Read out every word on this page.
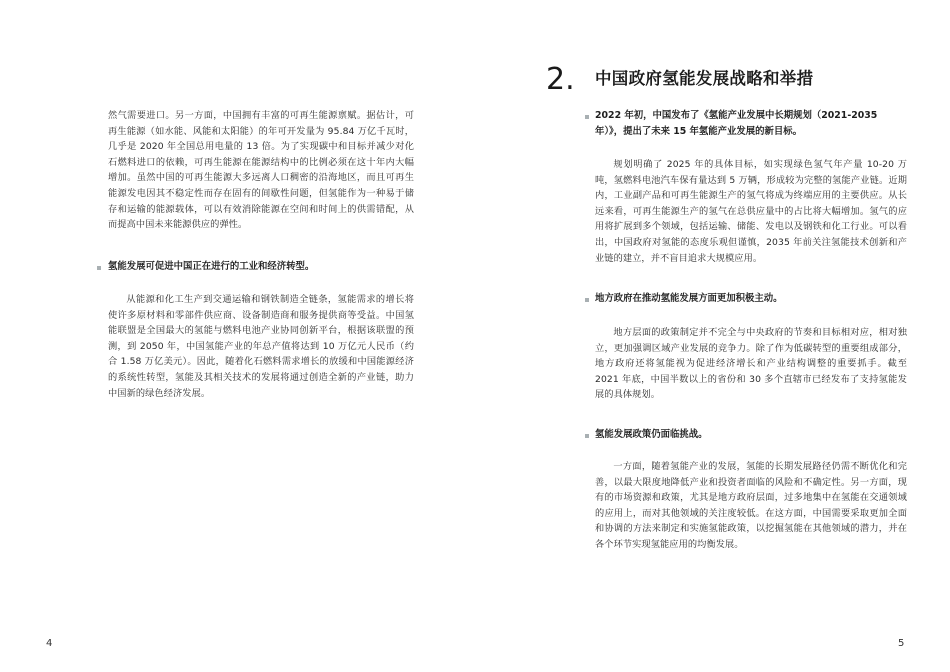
然气需要进口。另一方面，中国拥有丰富的可再生能源禀赋。据估计，可再生能源（如水能、风能和太阳能）的年可开发量为 95.84 万亿千瓦时，几乎是 2020 年全国总用电量的 13 倍。为了实现碳中和目标并减少对化石燃料进口的依赖，可再生能源在能源结构中的比例必须在这十年内大幅增加。虽然中国的可再生能源大多远离人口稠密的沿海地区，而且可再生能源发电因其不稳定性而存在固有的间歇性问题，但氢能作为一种易于储存和运输的能源载体，可以有效消除能源在空间和时间上的供需错配，从而提高中国未来能源供应的弹性。

氢能发展可促进中国正在进行的工业和经济转型。

从能源和化工生产到交通运输和钢铁制造全链条，氢能需求的增长将使许多原材料和零部件供应商、设备制造商和服务提供商等受益。中国氢能联盟是全国最大的氢能与燃料电池产业协同创新平台，根据该联盟的预测，到 2050 年，中国氢能产业的年总产值将达到 10 万亿元人民币（约合 1.58 万亿美元）。因此，随着化石燃料需求增长的放缓和中国能源经济的系统性转型，氢能及其相关技术的发展将通过创造全新的产业链，助力中国新的绿色经济发展。

4
2. 中国政府氢能发展战略和举措

2022 年初，中国发布了《氢能产业发展中长期规划（2021-2035 年）》，提出了未来 15 年氢能产业发展的新目标。

规划明确了 2025 年的具体目标，如实现绿色氢气年产量 10-20 万吨，氢燃料电池汽车保有量达到 5 万辆，形成较为完整的氢能产业链。近期内，工业副产品和可再生能源生产的氢气将成为终端应用的主要供应。从长远来看，可再生能源生产的氢气在总供应量中的占比将大幅增加。氢气的应用将扩展到多个领域，包括运输、储能、发电以及钢铁和化工行业。可以看出，中国政府对氢能的态度乐观但谨慎，2035 年前关注氢能技术创新和产业链的建立，并不盲目追求大规模应用。

地方政府在推动氢能发展方面更加积极主动。

地方层面的政策制定并不完全与中央政府的节奏和目标相对应，相对独立，更加强调区域产业发展的竞争力。除了作为低碳转型的重要组成部分，地方政府还将氢能视为促进经济增长和产业结构调整的重要抓手。截至 2021 年底，中国半数以上的省份和 30 多个直辖市已经发布了支持氢能发展的具体规划。

氢能发展政策仍面临挑战。

一方面，随着氢能产业的发展，氢能的长期发展路径仍需不断优化和完善，以最大限度地降低产业和投资者面临的风险和不确定性。另一方面，现有的市场资源和政策，尤其是地方政府层面，过多地集中在氢能在交通领域的应用上，而对其他领域的关注度较低。在这方面，中国需要采取更加全面和协调的方法来制定和实施氢能政策，以挖掘氢能在其他领域的潜力，并在各个环节实现氢能应用的均衡发展。

5
